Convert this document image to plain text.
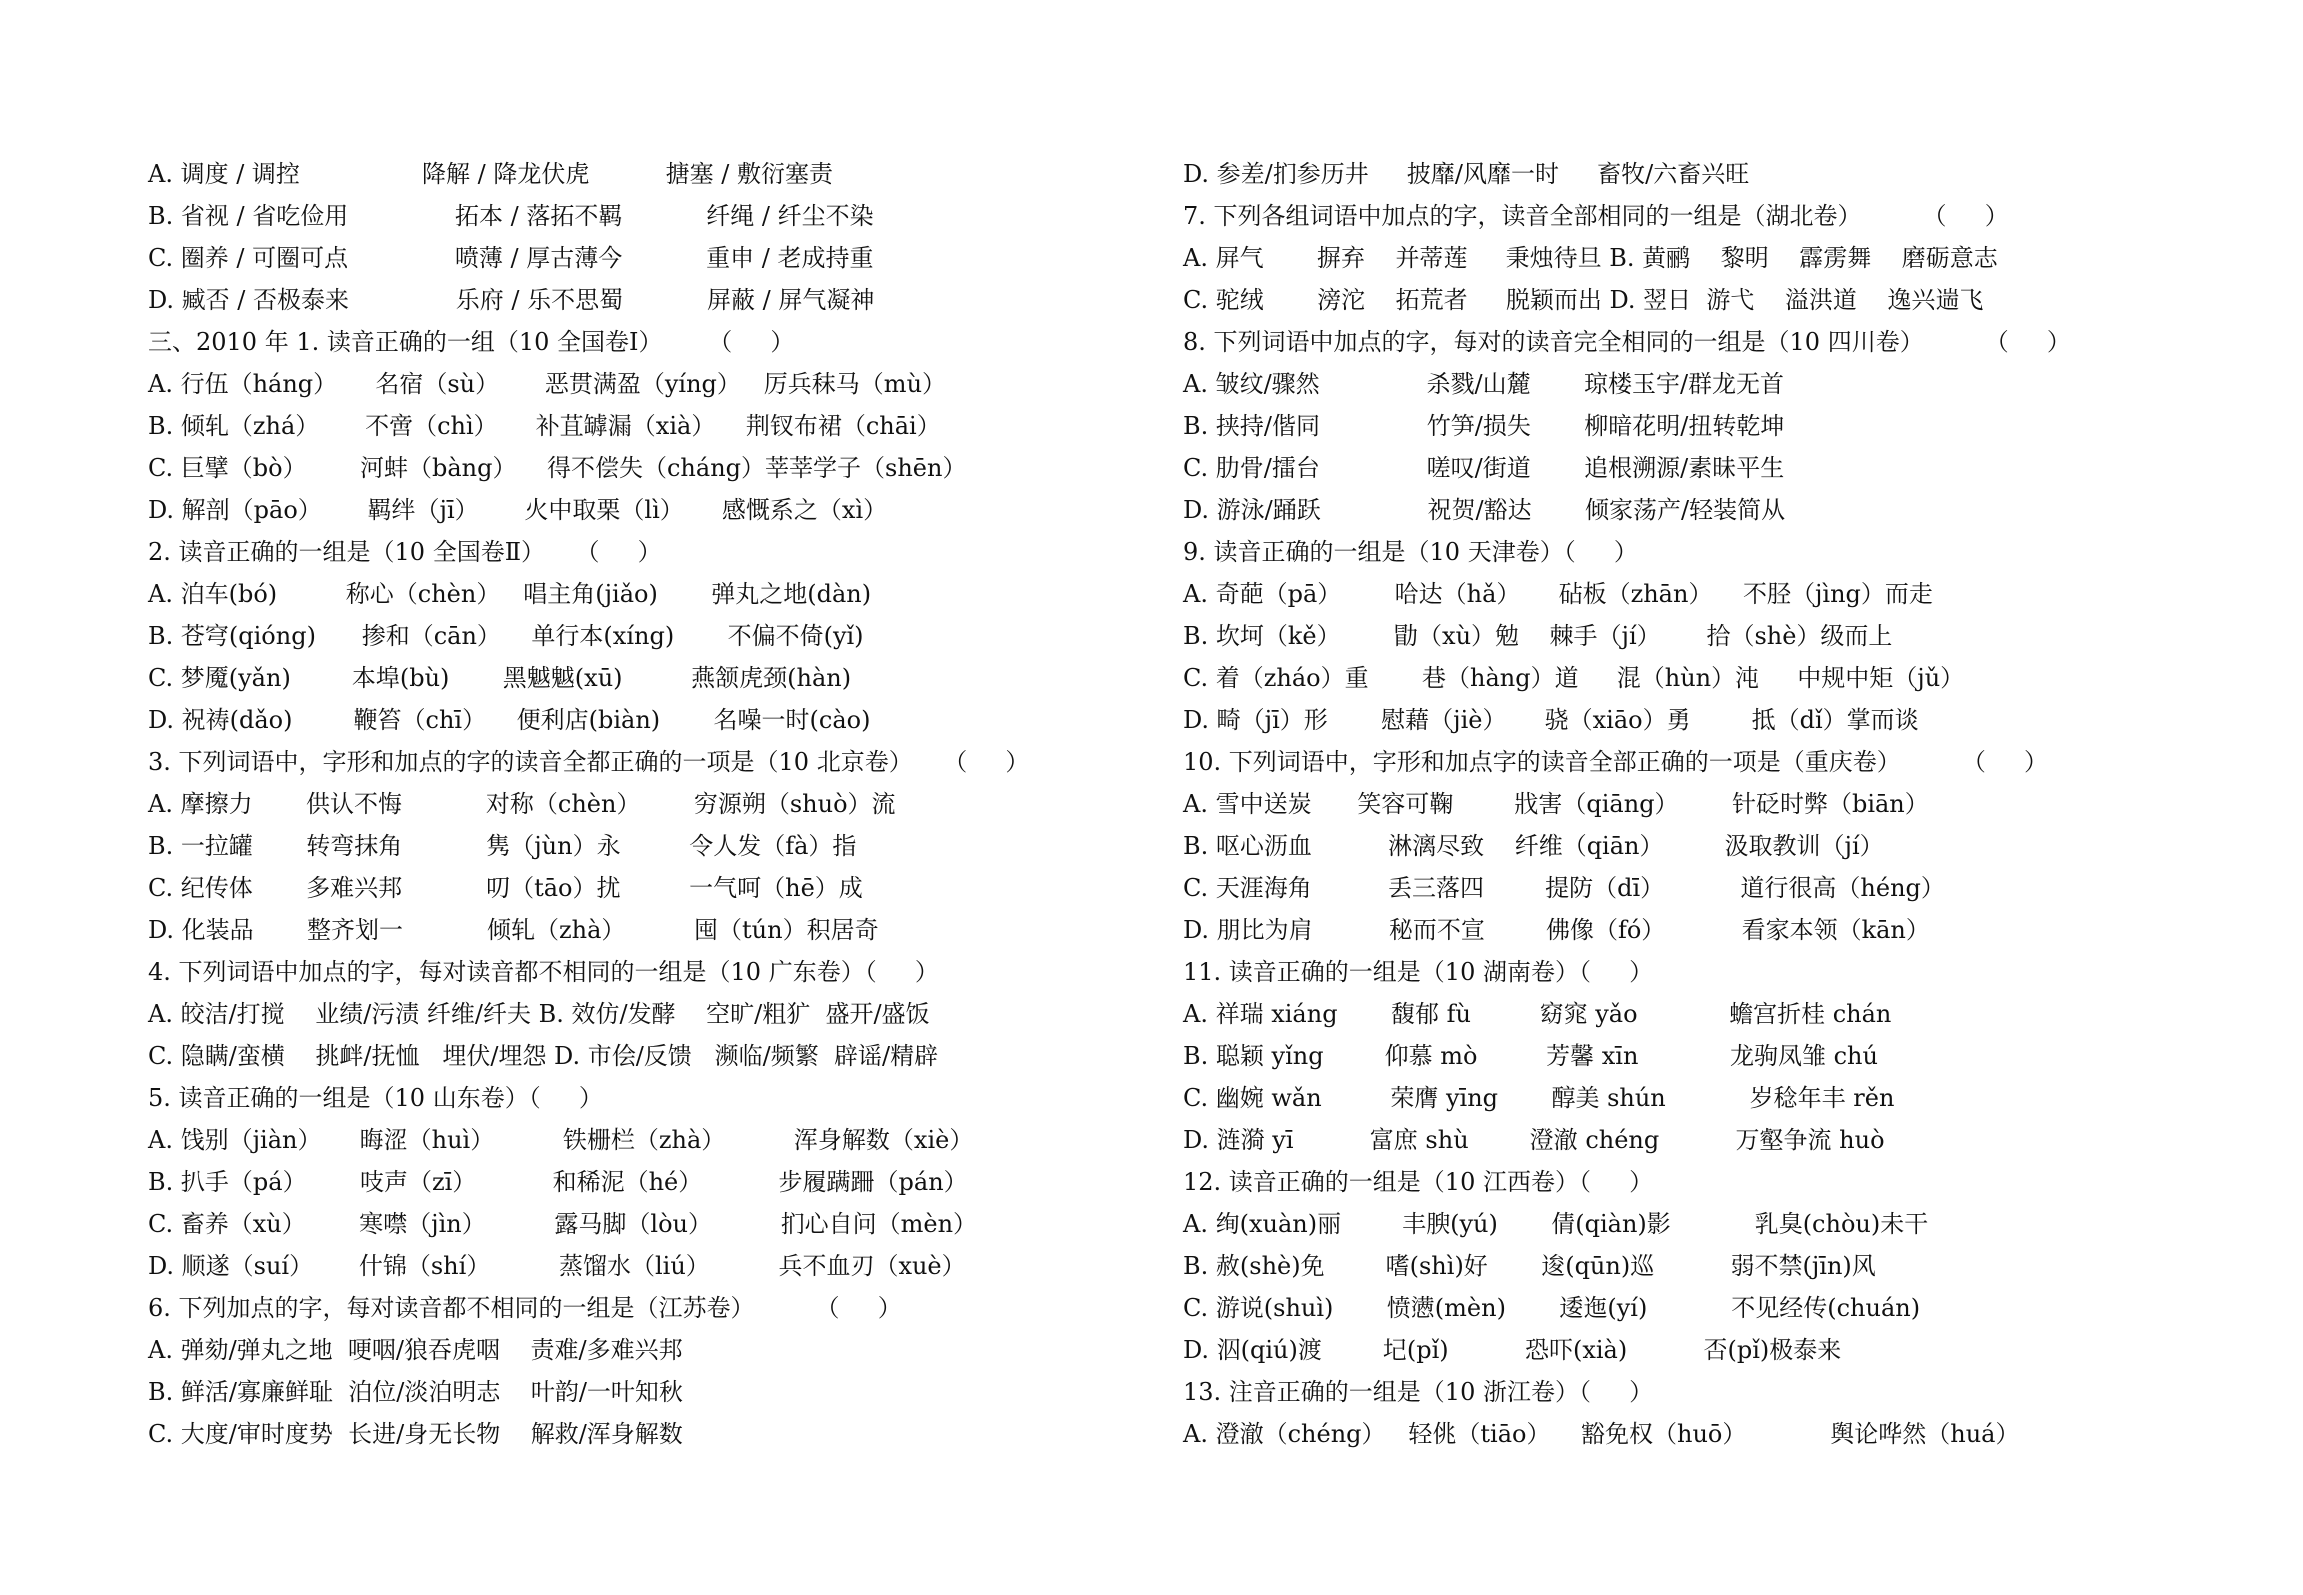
A. 调度 / 调控                降解 / 降龙伏虎          搪塞 / 敷衍塞责
B. 省视 / 省吃俭用              拓本 / 落拓不羁           纤绳 / 纤尘不染
C. 圈养 / 可圈可点              喷薄 / 厚古薄今           重申 / 老成持重
D. 臧否 / 否极泰来              乐府 / 乐不思蜀           屏蔽 / 屏气凝神
三、2010 年 1. 读音正确的一组（10 全国卷Ⅰ）      （     ）
A. 行伍（háng）     名宿（sù）      恶贯满盈（yíng）   厉兵秣马（mù）
B. 倾轧（zhá）      不啻（chì）     补苴罅漏（xià）    荆钗布裙（chāi）
C. 巨擘（bò）       河蚌（bàng）    得不偿失（cháng）莘莘学子（shēn）
D. 解剖（pāo）      羁绊（jī）      火中取栗（lì）     感慨系之（xì）
2. 读音正确的一组是（10 全国卷Ⅱ）    （     ）
A. 泊车(bó)         称心（chèn）   唱主角(jiǎo)       弹丸之地(dàn)
B. 苍穹(qióng)      掺和（cān）    单行本(xíng)       不偏不倚(yǐ)
C. 梦魇(yǎn)        本埠(bù)       黑魆魆(xū)         燕颔虎颈(hàn)
D. 祝祷(dǎo)        鞭笞（chī）    便利店(biàn)       名噪一时(cào)
3. 下列词语中，字形和加点的字的读音全都正确的一项是（10 北京卷）    （     ）
A. 摩擦力       供认不悔           对称（chèn）       穷源朔（shuò）流
B. 一拉罐       转弯抹角           隽（jùn）永         令人发（fà）指
C. 纪传体       多难兴邦           叨（tāo）扰         一气呵（hē）成
D. 化装品       整齐划一           倾轧（zhà）         囤（tún）积居奇
4. 下列词语中加点的字，每对读音都不相同的一组是（10 广东卷）（     ）
A. 皎洁/打搅    业绩/污渍 纤维/纤夫 B. 效仿/发酵    空旷/粗犷  盛开/盛饭
C. 隐瞒/蛮横    挑衅/抚恤   埋伏/埋怨 D. 市侩/反馈   濒临/频繁  辟谣/精辟
5. 读音正确的一组是（10 山东卷）（     ）
A. 饯别（jiàn）     晦涩（huì）         铁栅栏（zhà）         浑身解数（xiè）
B. 扒手（pá）       吱声（zī）          和稀泥（hé）          步履蹒跚（pán）
C. 畜养（xù）       寒噤（jìn）         露马脚（lòu）         扪心自问（mèn）
D. 顺遂（suí）      什锦（shí）         蒸馏水（liú）         兵不血刃（xuè）
6. 下列加点的字，每对读音都不相同的一组是（江苏卷）        （     ）
A. 弹劾/弹丸之地  哽咽/狼吞虎咽    责难/多难兴邦
B. 鲜活/寡廉鲜耻  泊位/淡泊明志    叶韵/一叶知秋
C. 大度/审时度势  长进/身无长物    解救/浑身解数
D. 参差/扪参历井     披靡/风靡一时     畜牧/六畜兴旺
7. 下列各组词语中加点的字，读音全部相同的一组是（湖北卷）        （     ）
A. 屏气       摒弃    并蒂莲     秉烛待旦 B. 黄鹂    黎明    霹雳舞    磨砺意志
C. 驼绒       滂沱    拓荒者     脱颖而出 D. 翌日  游弋    溢洪道    逸兴遄飞
8. 下列词语中加点的字，每对的读音完全相同的一组是（10 四川卷）        （     ）
A. 皱纹/骤然              杀戮/山麓       琼楼玉宇/群龙无首
B. 挟持/偕同              竹笋/损失       柳暗花明/扭转乾坤
C. 肋骨/擂台              嗟叹/街道       追根溯源/素昧平生
D. 游泳/踊跃              祝贺/豁达       倾家荡产/轻装简从
9. 读音正确的一组是（10 天津卷）（     ）
A. 奇葩（pā）       哈达（hǎ）     砧板（zhān）    不胫（jìng）而走
B. 坎坷（kě）       勖（xù）勉    棘手（jí）      拾（shè）级而上
C. 着（zháo）重       巷（hàng）道     混（hùn）沌     中规中矩（jǔ）
D. 畸（jī）形       慰藉（jiè）     骁（xiāo）勇        抵（dǐ）掌而谈
10. 下列词语中，字形和加点字的读音全部正确的一项是（重庆卷）        （     ）
A. 雪中送炭      笑容可鞠        戕害（qiāng）       针砭时弊（biān）
B. 呕心沥血          淋漓尽致    纤维（qiān）        汲取教训（jí）
C. 天涯海角          丢三落四        提防（dī）          道行很高（héng）
D. 朋比为肩          秘而不宣        佛像（fó）          看家本领（kān）
11. 读音正确的一组是（10 湖南卷）（     ）
A. 祥瑞 xiáng       馥郁 fù         窈窕 yǎo            蟾宫折桂 chán
B. 聪颖 yǐng        仰慕 mò         芳馨 xīn            龙驹凤雏 chú
C. 幽婉 wǎn         荣膺 yīng       醇美 shún           岁稔年丰 rěn
D. 涟漪 yī          富庶 shù        澄澈 chéng          万壑争流 huò
12. 读音正确的一组是（10 江西卷）（     ）
A. 绚(xuàn)丽        丰腴(yú)       倩(qiàn)影           乳臭(chòu)未干
B. 赦(shè)免        嗜(shì)好       逡(qūn)巡          弱不禁(jīn)风
C. 游说(shuì)       愤懑(mèn)       逶迤(yí)           不见经传(chuán)
D. 泅(qiú)渡        圮(pǐ)          恐吓(xià)          否(pǐ)极泰来
13. 注音正确的一组是（10 浙江卷）（     ）
A. 澄澈（chéng）   轻佻（tiāo）    豁免权（huō）           舆论哗然（huá）
